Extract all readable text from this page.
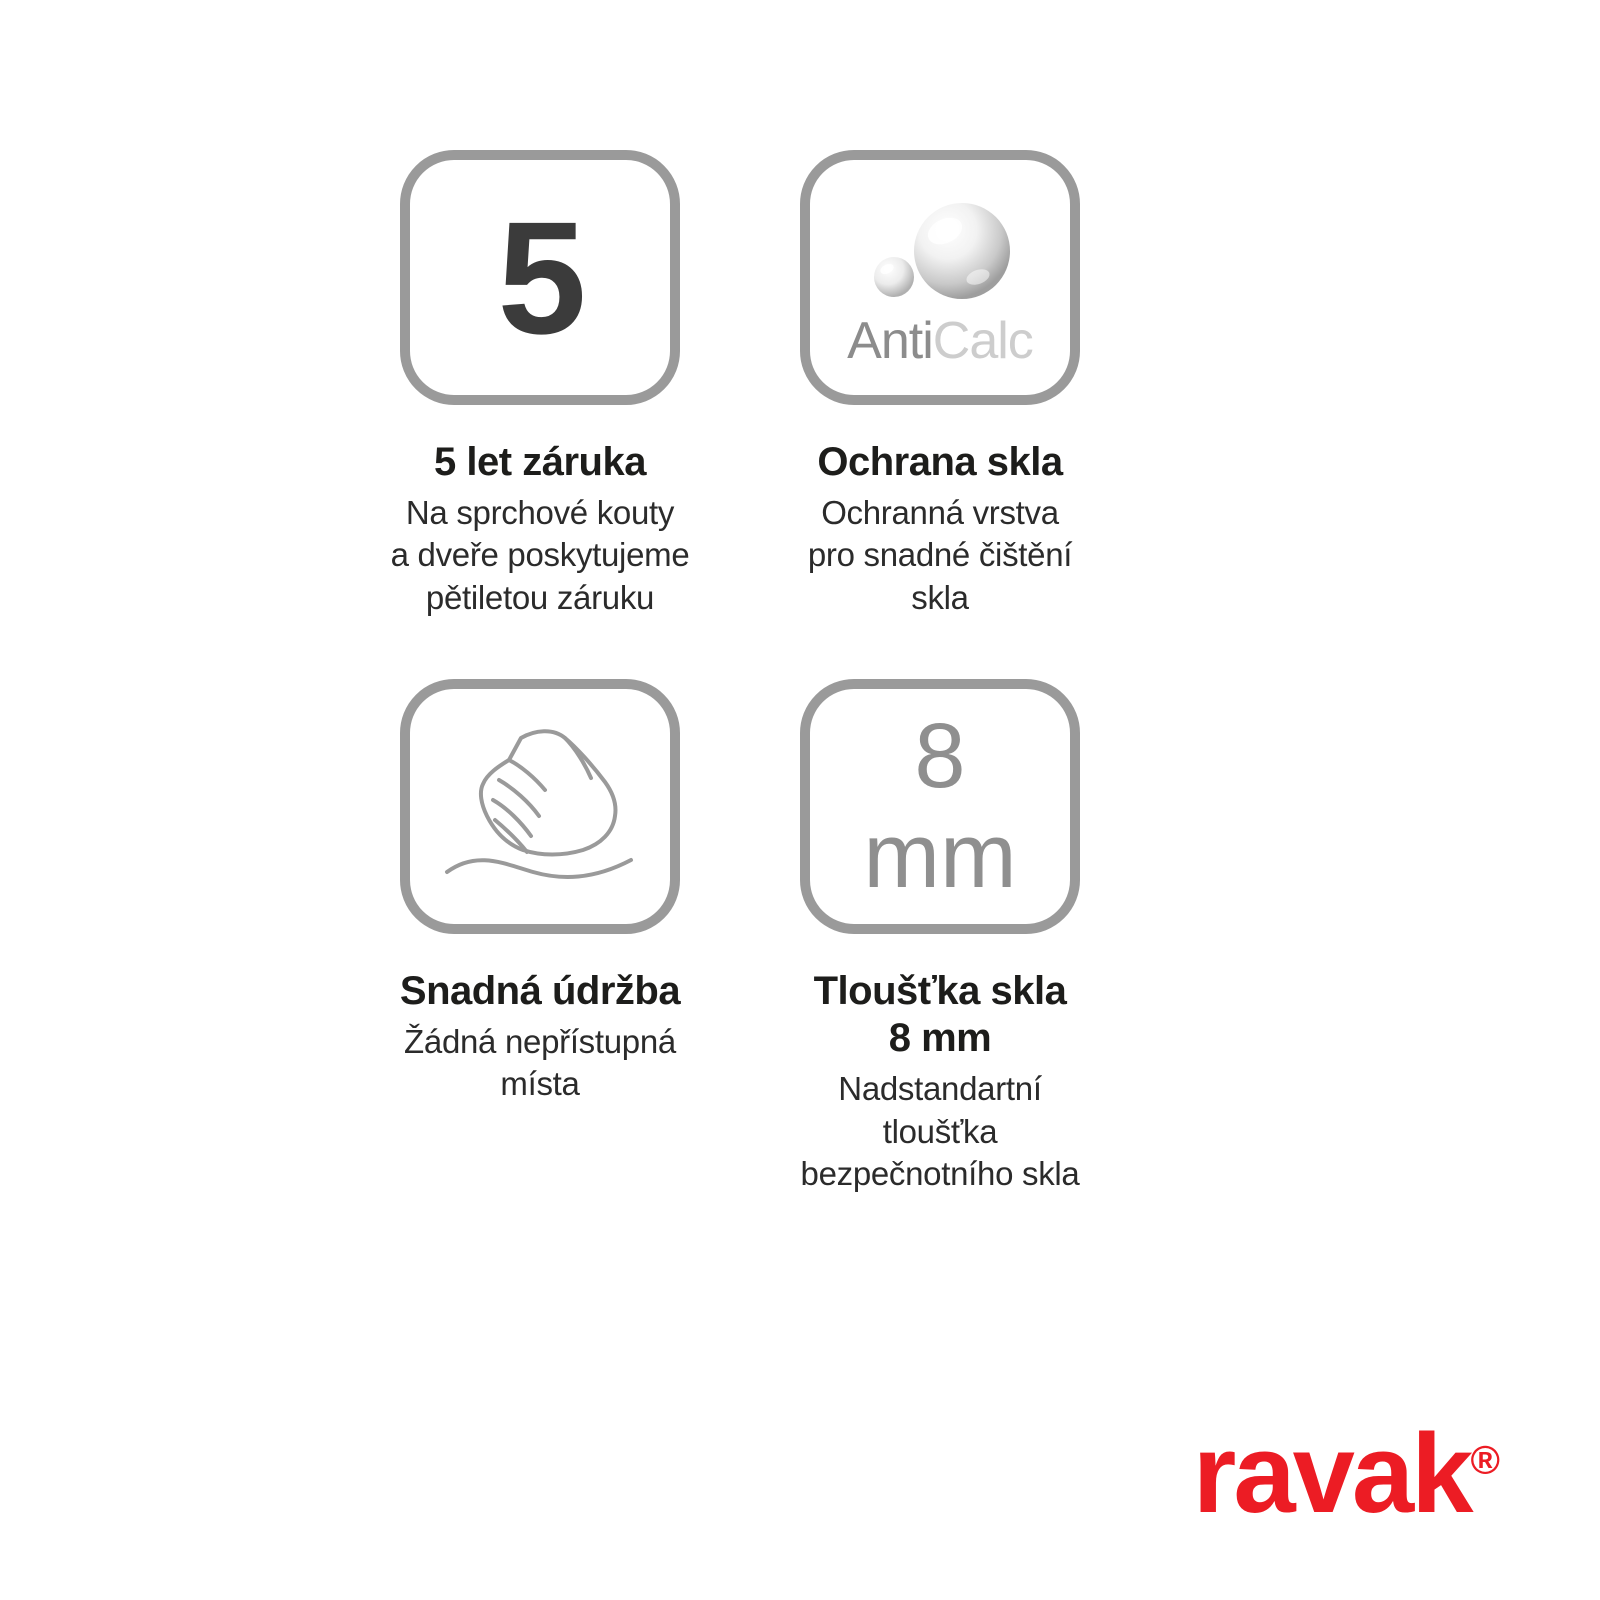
5
5 let záruka
Na sprchové kouty
a dveře poskytujeme
pětiletou záruku
AntiCalc
Ochrana skla
Ochranná vrstva
pro snadné čištění skla
Snadná údržba
Žádná nepřístupná
místa
8
mm
Tloušťka skla
8 mm
Nadstandartní tloušťka
bezpečnotního skla
ravak®
